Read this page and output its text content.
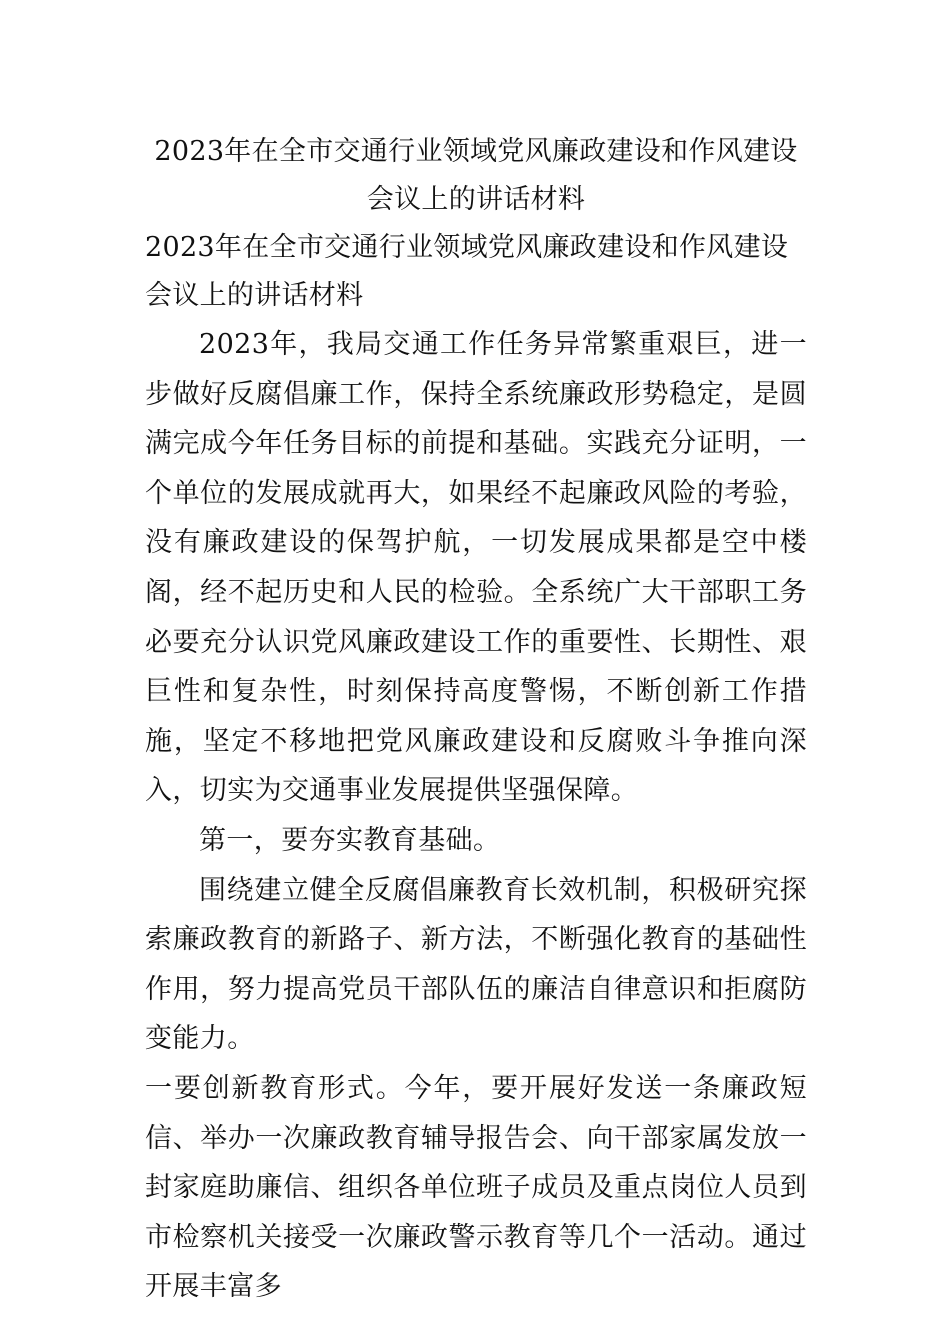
2023年在全市交通行业领域党风廉政建设和作风建设会议上的讲话材料

2023年在全市交通行业领域党风廉政建设和作风建设会议上的讲话材料

2023年，我局交通工作任务异常繁重艰巨，进一步做好反腐倡廉工作，保持全系统廉政形势稳定，是圆满完成今年任务目标的前提和基础。实践充分证明，一个单位的发展成就再大，如果经不起廉政风险的考验，没有廉政建设的保驾护航，一切发展成果都是空中楼阁，经不起历史和人民的检验。全系统广大干部职工务必要充分认识党风廉政建设工作的重要性、长期性、艰巨性和复杂性，时刻保持高度警惕，不断创新工作措施，坚定不移地把党风廉政建设和反腐败斗争推向深入，切实为交通事业发展提供坚强保障。

第一，要夯实教育基础。

围绕建立健全反腐倡廉教育长效机制，积极研究探索廉政教育的新路子、新方法，不断强化教育的基础性作用，努力提高党员干部队伍的廉洁自律意识和拒腐防变能力。

一要创新教育形式。今年，要开展好发送一条廉政短信、举办一次廉政教育辅导报告会、向干部家属发放一封家庭助廉信、组织各单位班子成员及重点岗位人员到市检察机关接受一次廉政警示教育等几个一活动。通过开展丰富多
